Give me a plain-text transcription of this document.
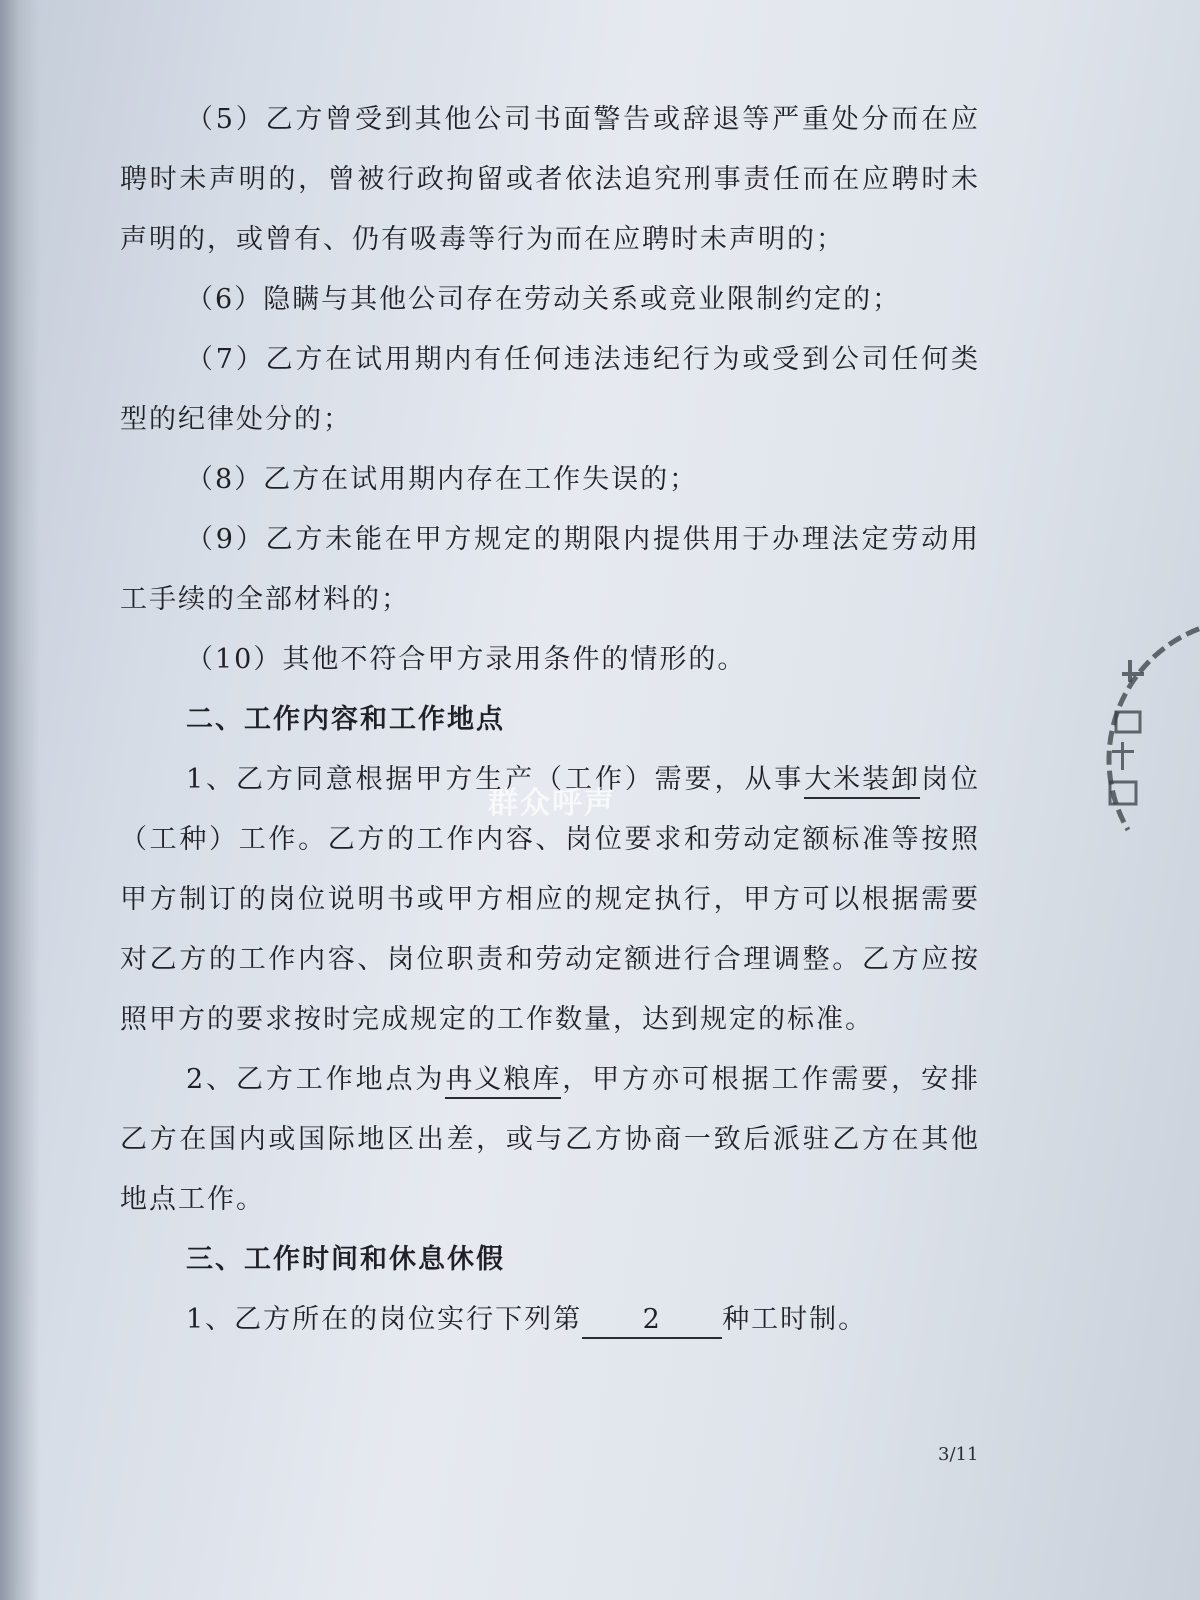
（5）乙方曾受到其他公司书面警告或辞退等严重处分而在应聘时未声明的，曾被行政拘留或者依法追究刑事责任而在应聘时未声明的，或曾有、仍有吸毒等行为而在应聘时未声明的；

（6）隐瞒与其他公司存在劳动关系或竞业限制约定的；

（7）乙方在试用期内有任何违法违纪行为或受到公司任何类型的纪律处分的；

（8）乙方在试用期内存在工作失误的；

（9）乙方未能在甲方规定的期限内提供用于办理法定劳动用工手续的全部材料的；

（10）其他不符合甲方录用条件的情形的。

二、工作内容和工作地点

1、乙方同意根据甲方生产（工作）需要，从事大米装卸岗位（工种）工作。乙方的工作内容、岗位要求和劳动定额标准等按照甲方制订的岗位说明书或甲方相应的规定执行，甲方可以根据需要对乙方的工作内容、岗位职责和劳动定额进行合理调整。乙方应按照甲方的要求按时完成规定的工作数量，达到规定的标准。

2、乙方工作地点为冉义粮库，甲方亦可根据工作需要，安排乙方在国内或国际地区出差，或与乙方协商一致后派驻乙方在其他地点工作。

三、工作时间和休息休假

1、乙方所在的岗位实行下列第 2 种工时制。

群众呼声
3/11
